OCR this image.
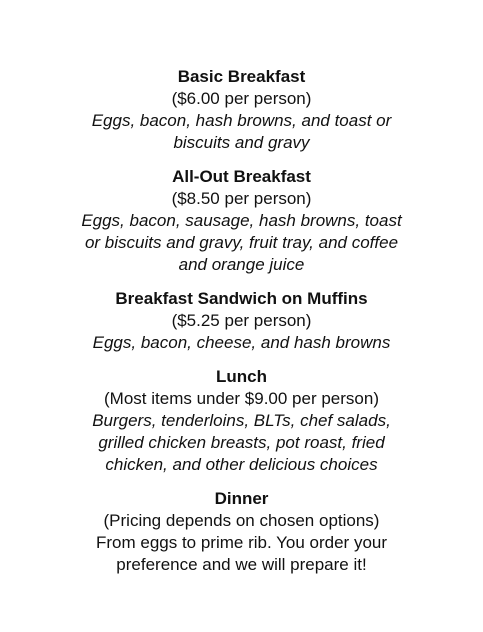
Basic Breakfast
($6.00 per person)
Eggs, bacon, hash browns, and toast or
biscuits and gravy
All-Out Breakfast
($8.50 per person)
Eggs, bacon, sausage, hash browns, toast
or biscuits and gravy, fruit tray, and coffee
and orange juice
Breakfast Sandwich on Muffins
($5.25 per person)
Eggs, bacon, cheese, and hash browns
Lunch
(Most items under $9.00 per person)
Burgers, tenderloins, BLTs, chef salads,
grilled chicken breasts, pot roast, fried
chicken, and other delicious choices
Dinner
(Pricing depends on chosen options)
From eggs to prime rib. You order your
preference and we will prepare it!
